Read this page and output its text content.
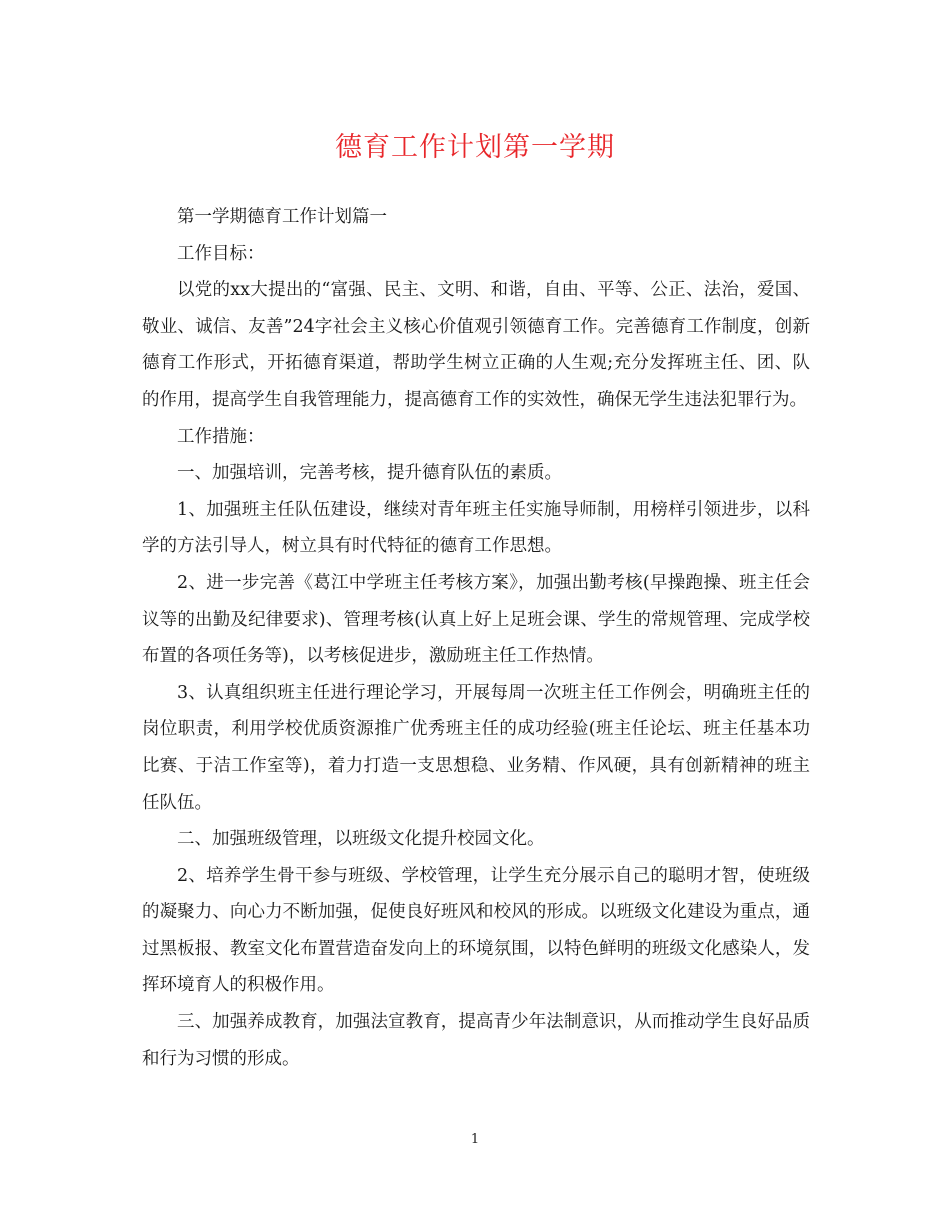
德育工作计划第一学期

第一学期德育工作计划篇一

工作目标：

以党的xx大提出的“富强、民主、文明、和谐，自由、平等、公正、法治，爱国、敬业、诚信、友善”24字社会主义核心价值观引领德育工作。完善德育工作制度，创新德育工作形式，开拓德育渠道，帮助学生树立正确的人生观;充分发挥班主任、团、队的作用，提高学生自我管理能力，提高德育工作的实效性，确保无学生违法犯罪行为。

工作措施：

一、加强培训，完善考核，提升德育队伍的素质。

1、加强班主任队伍建设，继续对青年班主任实施导师制，用榜样引领进步，以科学的方法引导人，树立具有时代特征的德育工作思想。

2、进一步完善《葛江中学班主任考核方案》，加强出勤考核(早操跑操、班主任会议等的出勤及纪律要求)、管理考核(认真上好上足班会课、学生的常规管理、完成学校布置的各项任务等)，以考核促进步，激励班主任工作热情。

3、认真组织班主任进行理论学习，开展每周一次班主任工作例会，明确班主任的岗位职责，利用学校优质资源推广优秀班主任的成功经验(班主任论坛、班主任基本功比赛、于洁工作室等)，着力打造一支思想稳、业务精、作风硬，具有创新精神的班主任队伍。

二、加强班级管理，以班级文化提升校园文化。

2、培养学生骨干参与班级、学校管理，让学生充分展示自己的聪明才智，使班级的凝聚力、向心力不断加强，促使良好班风和校风的形成。以班级文化建设为重点，通过黑板报、教室文化布置营造奋发向上的环境氛围，以特色鲜明的班级文化感染人，发挥环境育人的积极作用。

三、加强养成教育，加强法宣教育，提高青少年法制意识，从而推动学生良好品质和行为习惯的形成。

1
